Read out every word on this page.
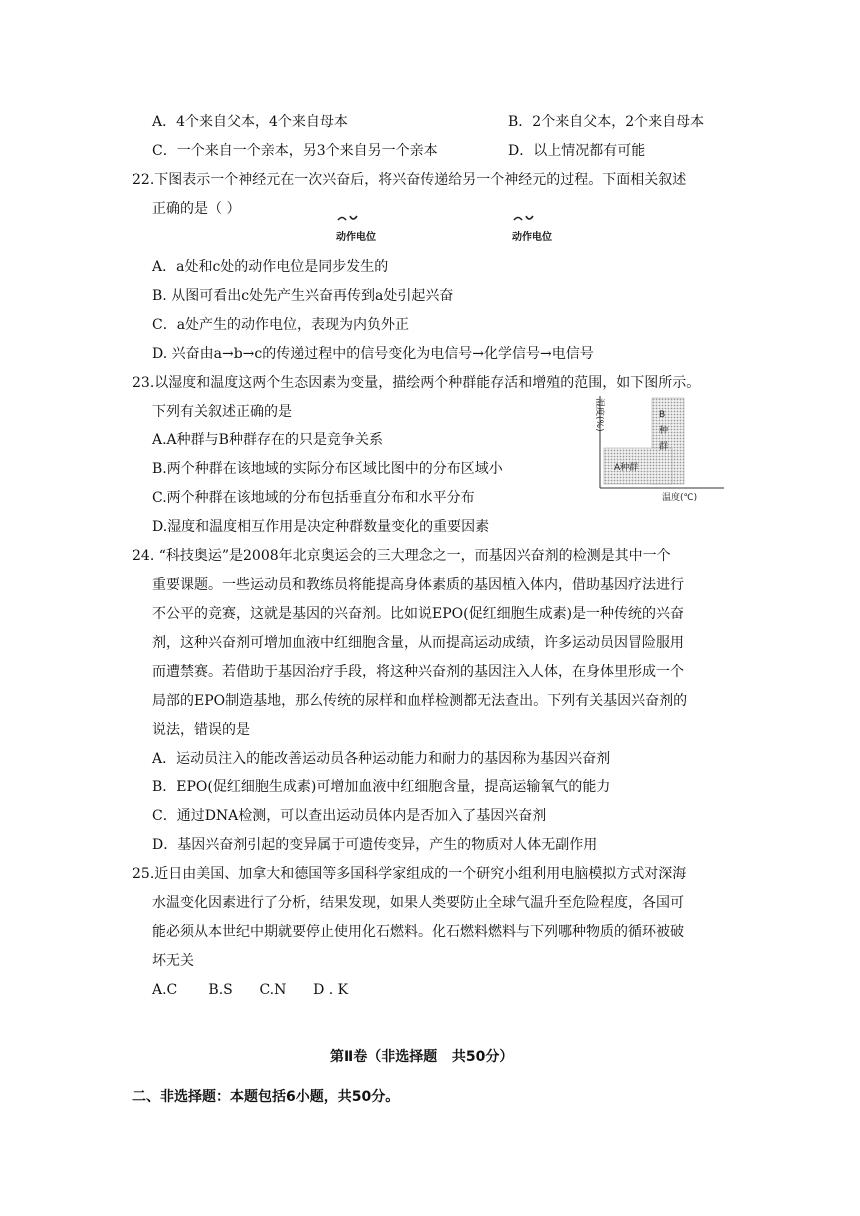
A．4个来自父本，4个来自母本	B．2个来自父本，2个来自母本
C．一个来自一个亲本，另3个来自另一个亲本	D．以上情况都有可能
22.下图表示一个神经元在一次兴奋后，将兴奋传递给另一个神经元的过程。下面相关叙述
正确的是（ ）
动作电位	动作电位
A．a处和c处的动作电位是同步发生的
B. 从图可看出c处先产生兴奋再传到a处引起兴奋
C．a处产生的动作电位，表现为内负外正
D. 兴奋由a→b→c的传递过程中的信号变化为电信号→化学信号→电信号
23.以湿度和温度这两个生态因素为变量，描绘两个种群能存活和增殖的范围，如下图所示。
下列有关叙述正确的是
A.A种群与B种群存在的只是竞争关系
B.两个种群在该地域的实际分布区域比图中的分布区域小
C.两个种群在该地域的分布包括垂直分布和水平分布
D.湿度和温度相互作用是决定种群数量变化的重要因素
湿度(%)
温度(℃)
A种群
B
种
群
24. “科技奥运”是2008年北京奥运会的三大理念之一，而基因兴奋剂的检测是其中一个
重要课题。一些运动员和教练员将能提高身体素质的基因植入体内，借助基因疗法进行
不公平的竞赛，这就是基因的兴奋剂。比如说EPO(促红细胞生成素)是一种传统的兴奋
剂，这种兴奋剂可增加血液中红细胞含量，从而提高运动成绩，许多运动员因冒险服用
而遭禁赛。若借助于基因治疗手段，将这种兴奋剂的基因注入人体，在身体里形成一个
局部的EPO制造基地，那么传统的尿样和血样检测都无法查出。下列有关基因兴奋剂的
说法，错误的是
A．运动员注入的能改善运动员各种运动能力和耐力的基因称为基因兴奋剂
B．EPO(促红细胞生成素)可增加血液中红细胞含量，提高运输氧气的能力
C．通过DNA检测，可以查出运动员体内是否加入了基因兴奋剂
D．基因兴奋剂引起的变异属于可遗传变异，产生的物质对人体无副作用
25.近日由美国、加拿大和德国等多国科学家组成的一个研究小组利用电脑模拟方式对深海
水温变化因素进行了分析，结果发现，如果人类要防止全球气温升至危险程度，各国可
能必须从本世纪中期就要停止使用化石燃料。化石燃料燃料与下列哪种物质的循环被破
坏无关
A.C       B.S      C.N      D . K
第Ⅱ卷（非选择题   共50分）
二、非选择题：本题包括6小题，共50分。
